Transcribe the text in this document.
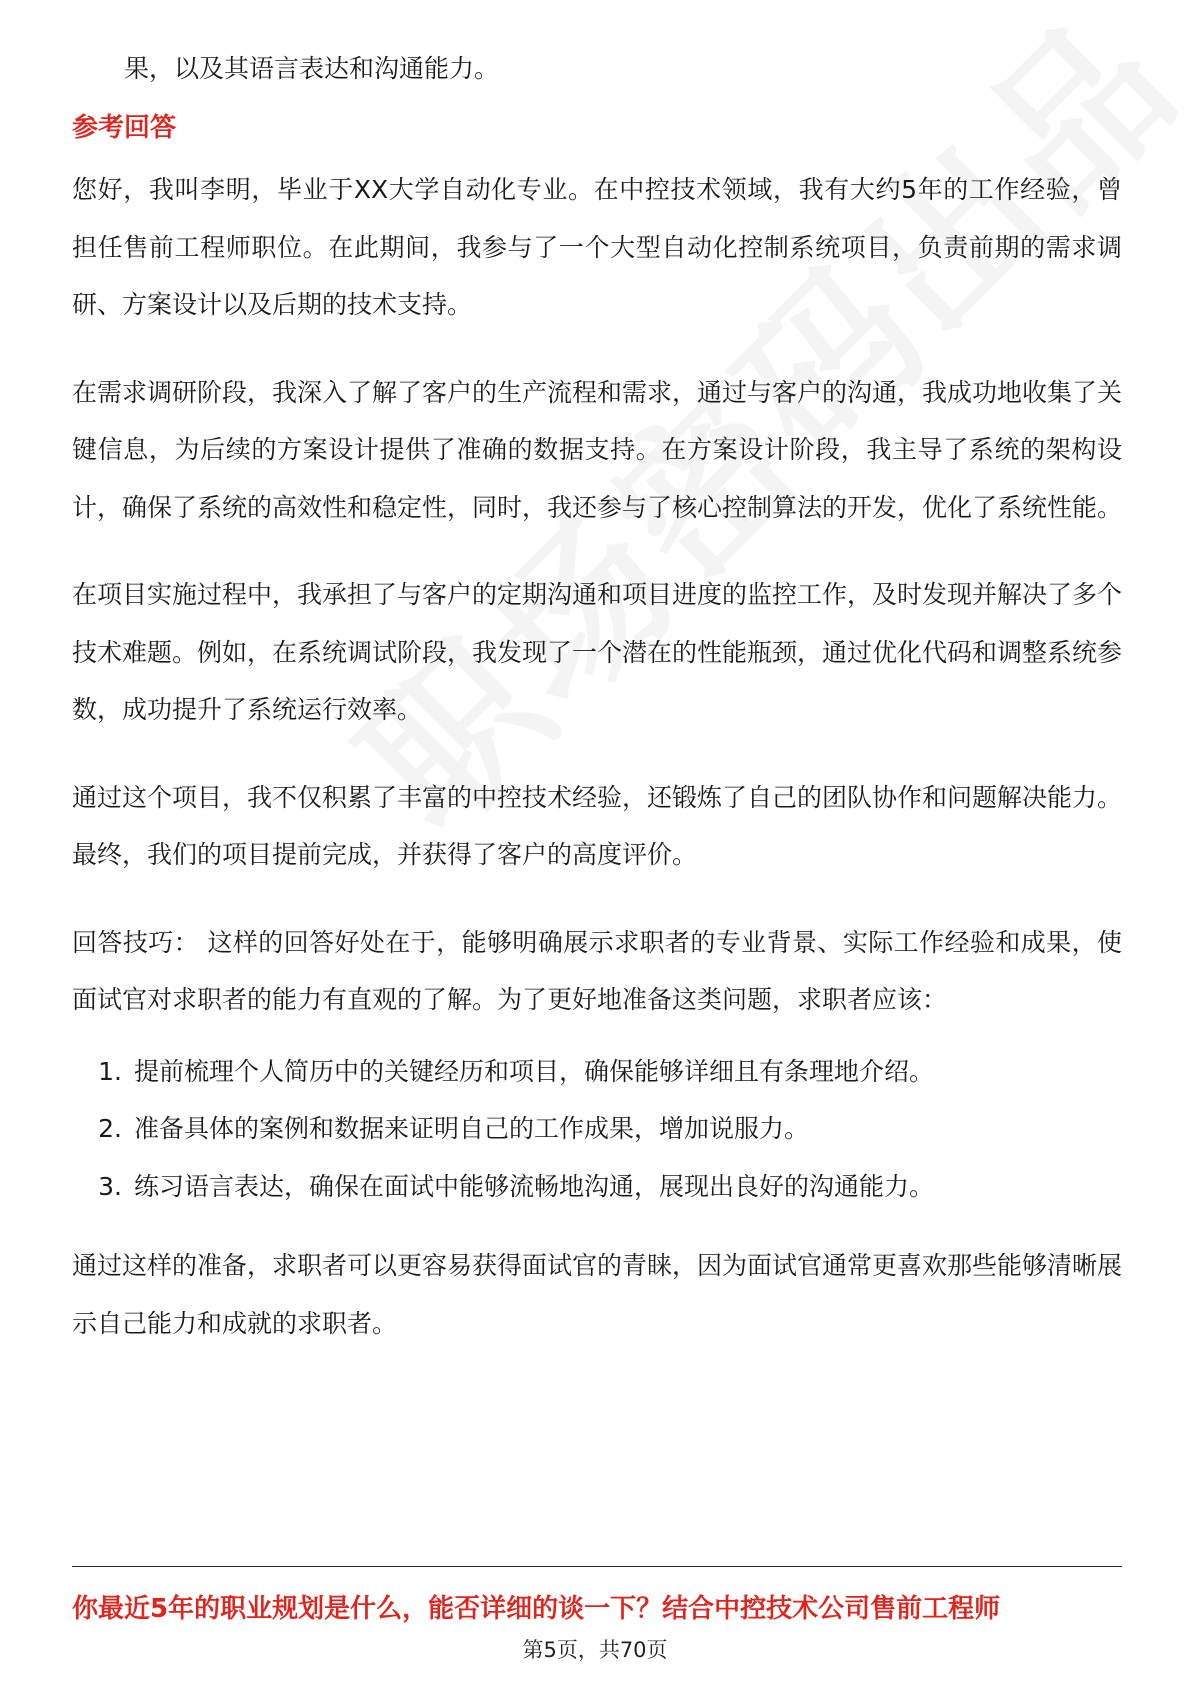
果，以及其语言表达和沟通能力。

参考回答

您好，我叫李明，毕业于XX大学自动化专业。在中控技术领域，我有大约5年的工作经验，曾担任售前工程师职位。在此期间，我参与了一个大型自动化控制系统项目，负责前期的需求调研、方案设计以及后期的技术支持。

在需求调研阶段，我深入了解了客户的生产流程和需求，通过与客户的沟通，我成功地收集了关键信息，为后续的方案设计提供了准确的数据支持。在方案设计阶段，我主导了系统的架构设计，确保了系统的高效性和稳定性，同时，我还参与了核心控制算法的开发，优化了系统性能。

在项目实施过程中，我承担了与客户的定期沟通和项目进度的监控工作，及时发现并解决了多个技术难题。例如，在系统调试阶段，我发现了一个潜在的性能瓶颈，通过优化代码和调整系统参数，成功提升了系统运行效率。

通过这个项目，我不仅积累了丰富的中控技术经验，还锻炼了自己的团队协作和问题解决能力。最终，我们的项目提前完成，并获得了客户的高度评价。

回答技巧： 这样的回答好处在于，能够明确展示求职者的专业背景、实际工作经验和成果，使面试官对求职者的能力有直观的了解。为了更好地准备这类问题，求职者应该：

1. 提前梳理个人简历中的关键经历和项目，确保能够详细且有条理地介绍。
2. 准备具体的案例和数据来证明自己的工作成果，增加说服力。
3. 练习语言表达，确保在面试中能够流畅地沟通，展现出良好的沟通能力。

通过这样的准备，求职者可以更容易获得面试官的青睐，因为面试官通常更喜欢那些能够清晰展示自己能力和成就的求职者。

你最近5年的职业规划是什么，能否详细的谈一下？结合中控技术公司售前工程师
第5页，共70页
